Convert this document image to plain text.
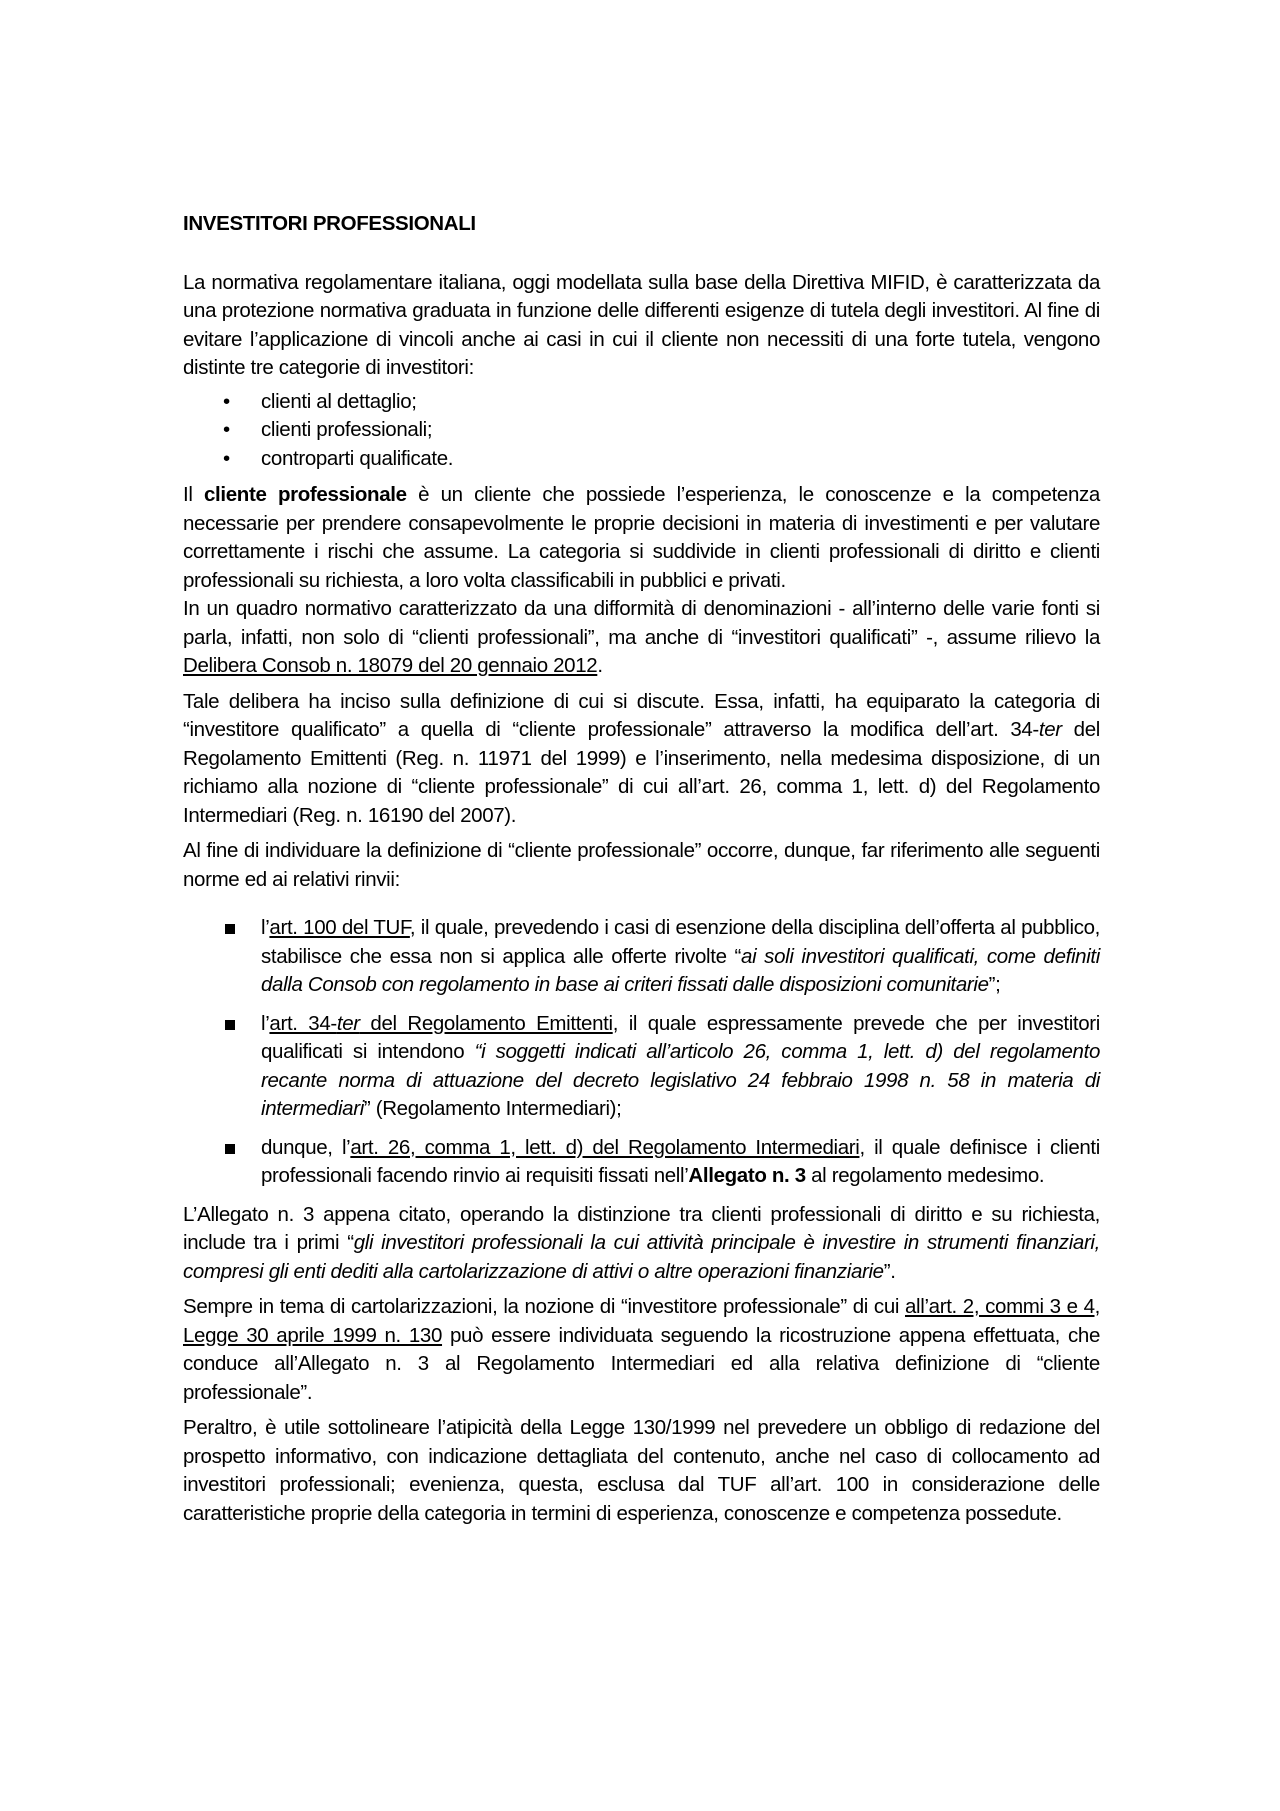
INVESTITORI PROFESSIONALI

La normativa regolamentare italiana, oggi modellata sulla base della Direttiva MIFID, è caratterizzata da una protezione normativa graduata in funzione delle differenti esigenze di tutela degli investitori. Al fine di evitare l’applicazione di vincoli anche ai casi in cui il cliente non necessiti di una forte tutela, vengono distinte tre categorie di investitori:

• clienti al dettaglio;
• clienti professionali;
• controparti qualificate.

Il cliente professionale è un cliente che possiede l’esperienza, le conoscenze e la competenza necessarie per prendere consapevolmente le proprie decisioni in materia di investimenti e per valutare correttamente i rischi che assume. La categoria si suddivide in clienti professionali di diritto e clienti professionali su richiesta, a loro volta classificabili in pubblici e privati.

In un quadro normativo caratterizzato da una difformità di denominazioni - all’interno delle varie fonti si parla, infatti, non solo di “clienti professionali”, ma anche di “investitori qualificati” -, assume rilievo la Delibera Consob n. 18079 del 20 gennaio 2012.

Tale delibera ha inciso sulla definizione di cui si discute. Essa, infatti, ha equiparato la categoria di “investitore qualificato” a quella di “cliente professionale” attraverso la modifica dell’art. 34-ter del Regolamento Emittenti (Reg. n. 11971 del 1999) e l’inserimento, nella medesima disposizione, di un richiamo alla nozione di “cliente professionale” di cui all’art. 26, comma 1, lett. d) del Regolamento Intermediari (Reg. n. 16190 del 2007).

Al fine di individuare la definizione di “cliente professionale” occorre, dunque, far riferimento alle seguenti norme ed ai relativi rinvii:

l’art. 100 del TUF, il quale, prevedendo i casi di esenzione della disciplina dell’offerta al pubblico, stabilisce che essa non si applica alle offerte rivolte “ai soli investitori qualificati, come definiti dalla Consob con regolamento in base ai criteri fissati dalle disposizioni comunitarie”;
l’art. 34-ter del Regolamento Emittenti, il quale espressamente prevede che per investitori qualificati si intendono “i soggetti indicati all’articolo 26, comma 1, lett. d) del regolamento recante norma di attuazione del decreto legislativo 24 febbraio 1998 n. 58 in materia di intermediari” (Regolamento Intermediari);
dunque, l’art. 26, comma 1, lett. d) del Regolamento Intermediari, il quale definisce i clienti professionali facendo rinvio ai requisiti fissati nell’Allegato n. 3 al regolamento medesimo.

L’Allegato n. 3 appena citato, operando la distinzione tra clienti professionali di diritto e su richiesta, include tra i primi “gli investitori professionali la cui attività principale è investire in strumenti finanziari, compresi gli enti dediti alla cartolarizzazione di attivi o altre operazioni finanziarie”.

Sempre in tema di cartolarizzazioni, la nozione di “investitore professionale” di cui all’art. 2, commi 3 e 4, Legge 30 aprile 1999 n. 130 può essere individuata seguendo la ricostruzione appena effettuata, che conduce all’Allegato n. 3 al Regolamento Intermediari ed alla relativa definizione di “cliente professionale”.

Peraltro, è utile sottolineare l’atipicità della Legge 130/1999 nel prevedere un obbligo di redazione del prospetto informativo, con indicazione dettagliata del contenuto, anche nel caso di collocamento ad investitori professionali; evenienza, questa, esclusa dal TUF all’art. 100 in considerazione delle caratteristiche proprie della categoria in termini di esperienza, conoscenze e competenza possedute.
